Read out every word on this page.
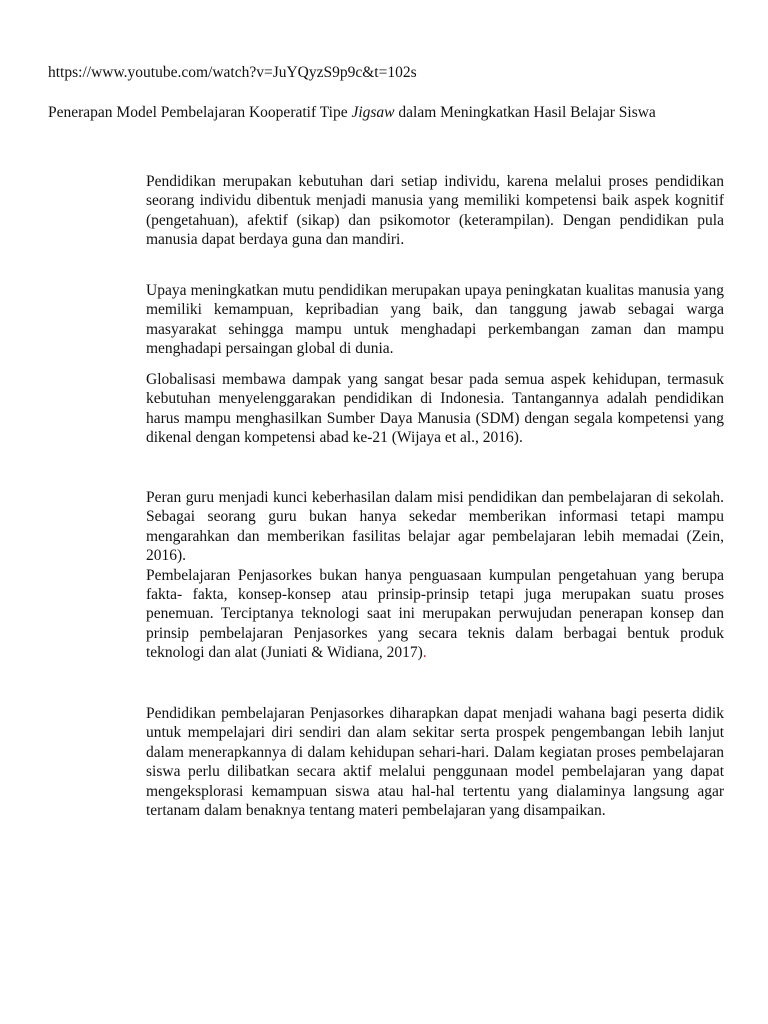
https://www.youtube.com/watch?v=JuYQyzS9p9c&t=102s
Penerapan Model Pembelajaran Kooperatif Tipe Jigsaw dalam Meningkatkan Hasil Belajar Siswa

Pendidikan merupakan kebutuhan dari setiap individu, karena melalui proses pendidikan seorang individu dibentuk menjadi manusia yang memiliki kompetensi baik aspek kognitif (pengetahuan), afektif (sikap) dan psikomotor (keterampilan). Dengan pendidikan pula manusia dapat berdaya guna dan mandiri.

Upaya meningkatkan mutu pendidikan merupakan upaya peningkatan kualitas manusia yang memiliki kemampuan, kepribadian yang baik, dan tanggung jawab sebagai warga masyarakat sehingga mampu untuk menghadapi perkembangan zaman dan mampu menghadapi persaingan global di dunia.

Globalisasi membawa dampak yang sangat besar pada semua aspek kehidupan, termasuk kebutuhan menyelenggarakan pendidikan di Indonesia. Tantangannya adalah pendidikan harus mampu menghasilkan Sumber Daya Manusia (SDM) dengan segala kompetensi yang dikenal dengan kompetensi abad ke-21 (Wijaya et al., 2016).

Peran guru menjadi kunci keberhasilan dalam misi pendidikan dan pembelajaran di sekolah. Sebagai seorang guru bukan hanya sekedar memberikan informasi tetapi mampu mengarahkan dan memberikan fasilitas belajar agar pembelajaran lebih memadai (Zein, 2016).

Pembelajaran Penjasorkes bukan hanya penguasaan kumpulan pengetahuan yang berupa fakta- fakta, konsep-konsep atau prinsip-prinsip tetapi juga merupakan suatu proses penemuan. Terciptanya teknologi saat ini merupakan perwujudan penerapan konsep dan prinsip pembelajaran Penjasorkes yang secara teknis dalam berbagai bentuk produk teknologi dan alat (Juniati & Widiana, 2017).

Pendidikan pembelajaran Penjasorkes diharapkan dapat menjadi wahana bagi peserta didik untuk mempelajari diri sendiri dan alam sekitar serta prospek pengembangan lebih lanjut dalam menerapkannya di dalam kehidupan sehari-hari. Dalam kegiatan proses pembelajaran siswa perlu dilibatkan secara aktif melalui penggunaan model pembelajaran yang dapat mengeksplorasi kemampuan siswa atau hal-hal tertentu yang dialaminya langsung agar tertanam dalam benaknya tentang materi pembelajaran yang disampaikan.
